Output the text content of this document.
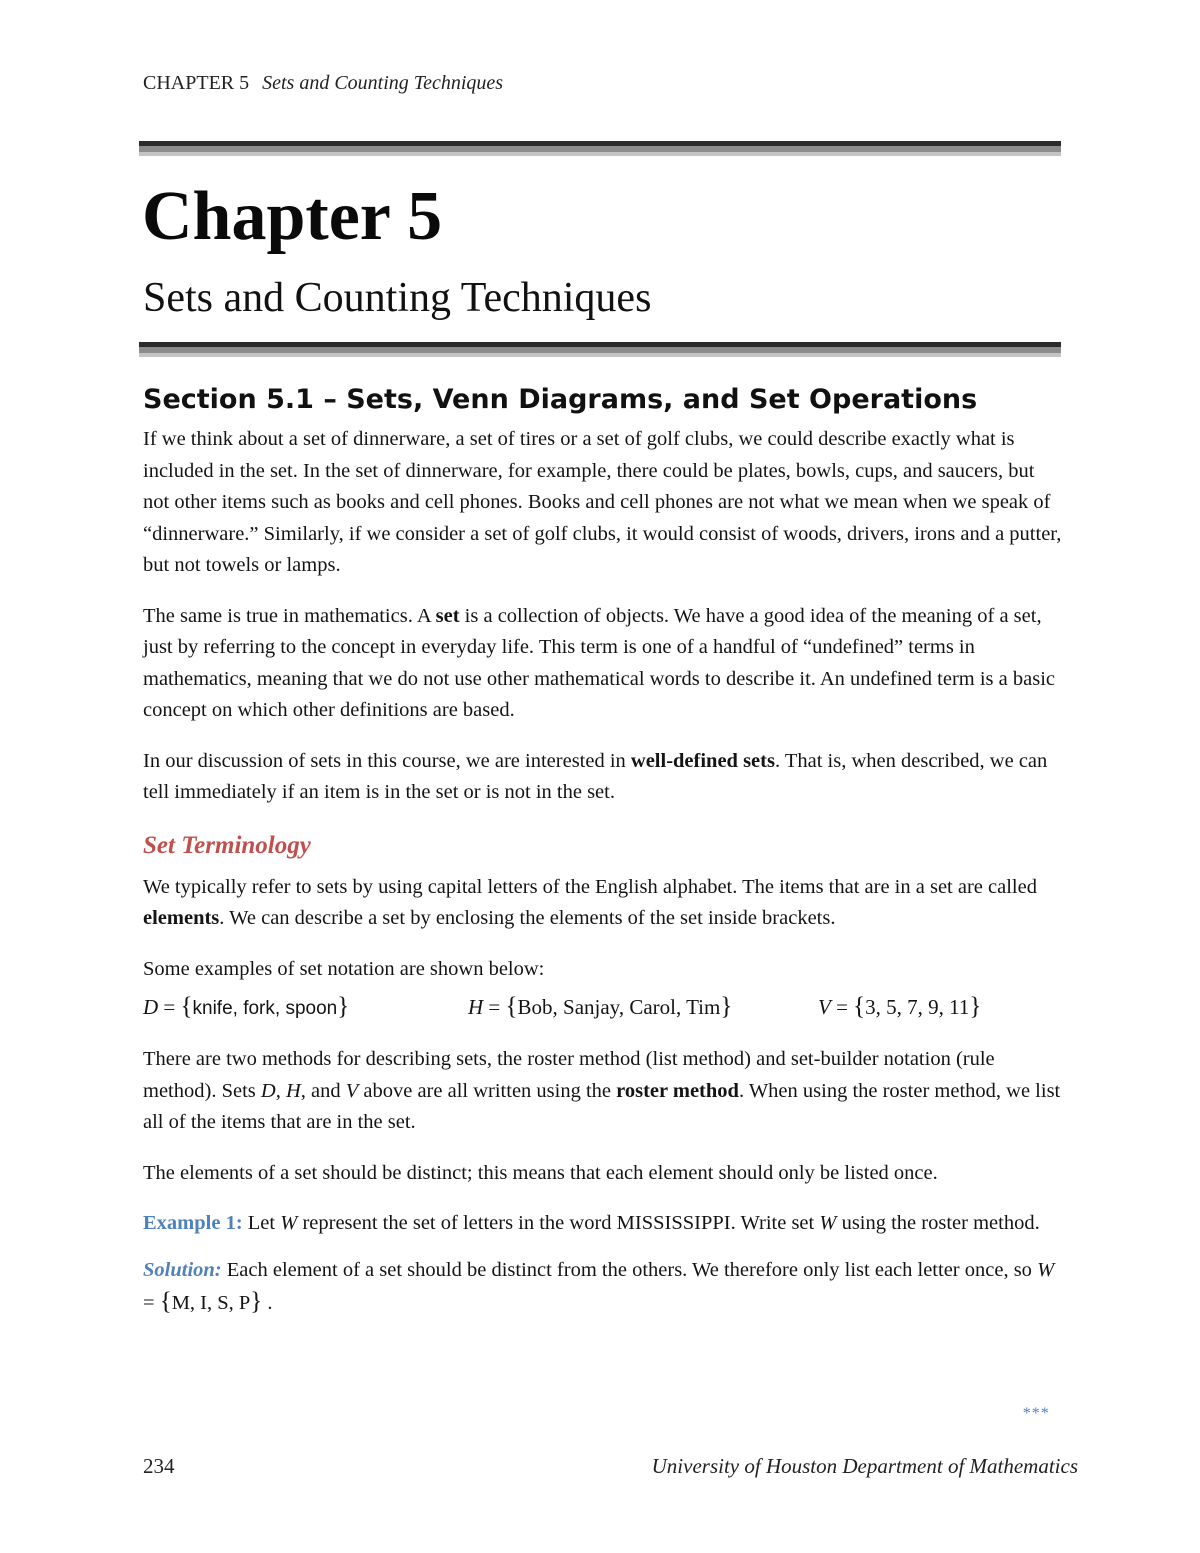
CHAPTER 5 Sets and Counting Techniques
Chapter 5
Sets and Counting Techniques
Section 5.1 – Sets, Venn Diagrams, and Set Operations

If we think about a set of dinnerware, a set of tires or a set of golf clubs, we could describe exactly what is included in the set. In the set of dinnerware, for example, there could be plates, bowls, cups, and saucers, but not other items such as books and cell phones. Books and cell phones are not what we mean when we speak of “dinnerware.” Similarly, if we consider a set of golf clubs, it would consist of woods, drivers, irons and a putter, but not towels or lamps.

The same is true in mathematics. A set is a collection of objects. We have a good idea of the meaning of a set, just by referring to the concept in everyday life. This term is one of a handful of “undefined” terms in mathematics, meaning that we do not use other mathematical words to describe it. An undefined term is a basic concept on which other definitions are based.

In our discussion of sets in this course, we are interested in well-defined sets. That is, when described, we can tell immediately if an item is in the set or is not in the set.

Set Terminology

We typically refer to sets by using capital letters of the English alphabet. The items that are in a set are called elements. We can describe a set by enclosing the elements of the set inside brackets.

Some examples of set notation are shown below:

D = {knife, fork, spoon}	H = {Bob, Sanjay, Carol, Tim}	V = {3, 5, 7, 9, 11}

There are two methods for describing sets, the roster method (list method) and set-builder notation (rule method). Sets D, H, and V above are all written using the roster method. When using the roster method, we list all of the items that are in the set.

The elements of a set should be distinct; this means that each element should only be listed once.

Example 1: Let W represent the set of letters in the word MISSISSIPPI. Write set W using the roster method.

Solution: Each element of a set should be distinct from the others. We therefore only list each letter once, so W = {M, I, S, P} .

***
234	University of Houston Department of Mathematics
